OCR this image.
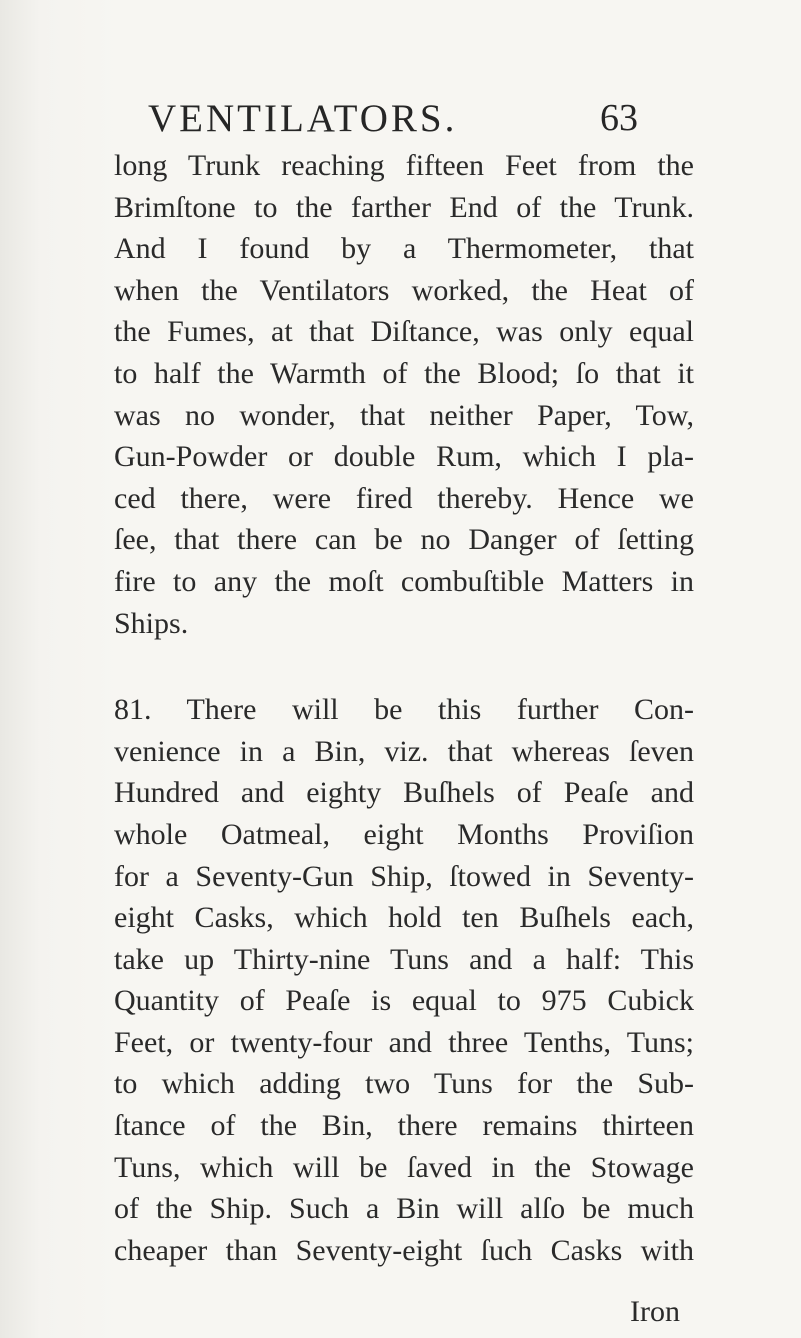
VENTILATORS.	63
long Trunk reaching fifteen Feet from the
Brimſtone to the farther End of the Trunk.
And I found by a Thermometer, that
when the Ventilators worked, the Heat of
the Fumes, at that Diſtance, was only equal
to half the Warmth of the Blood; ſo that it
was no wonder, that neither Paper, Tow,
Gun-Powder or double Rum, which I pla-
ced there, were fired thereby. Hence we
ſee, that there can be no Danger of ſetting
fire to any the moſt combuſtible Matters in
Ships.
81. There will be this further Con-
venience in a Bin, viz. that whereas ſeven
Hundred and eighty Buſhels of Peaſe and
whole Oatmeal, eight Months Proviſion
for a Seventy-Gun Ship, ſtowed in Seventy-
eight Casks, which hold ten Buſhels each,
take up Thirty-nine Tuns and a half: This
Quantity of Peaſe is equal to 975 Cubick
Feet, or twenty-four and three Tenths, Tuns;
to which adding two Tuns for the Sub-
ſtance of the Bin, there remains thirteen
Tuns, which will be ſaved in the Stowage
of the Ship. Such a Bin will alſo be much
cheaper than Seventy-eight ſuch Casks with
Iron
